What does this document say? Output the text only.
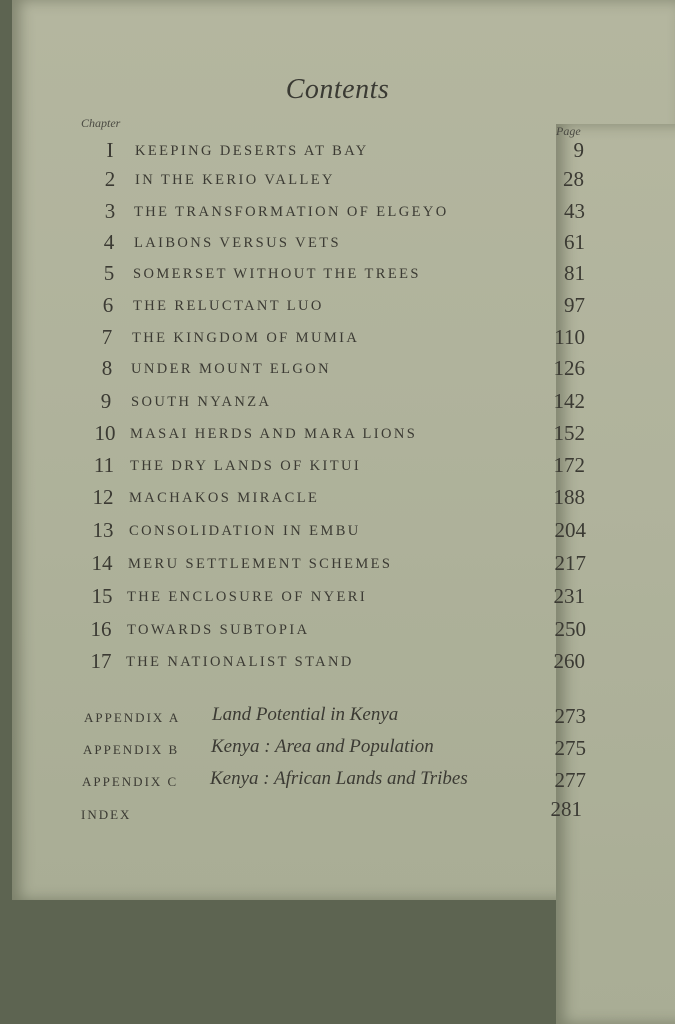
Contents
Chapter
Page
I	KEEPING DESERTS AT BAY	9
2	IN THE KERIO VALLEY	28
3	THE TRANSFORMATION OF ELGEYO	43
4	LAIBONS VERSUS VETS	61
5	SOMERSET WITHOUT THE TREES	81
6	THE RELUCTANT LUO	97
7	THE KINGDOM OF MUMIA	110
8	UNDER MOUNT ELGON	126
9	SOUTH NYANZA	142
10	MASAI HERDS AND MARA LIONS	152
11	THE DRY LANDS OF KITUI	172
12	MACHAKOS MIRACLE	188
13	CONSOLIDATION IN EMBU	204
14	MERU SETTLEMENT SCHEMES	217
15	THE ENCLOSURE OF NYERI	231
16	TOWARDS SUBTOPIA	250
17	THE NATIONALIST STAND	260
APPENDIX A Land Potential in Kenya	273
APPENDIX B Kenya : Area and Population	275
APPENDIX C Kenya : African Lands and Tribes	277
INDEX	281
